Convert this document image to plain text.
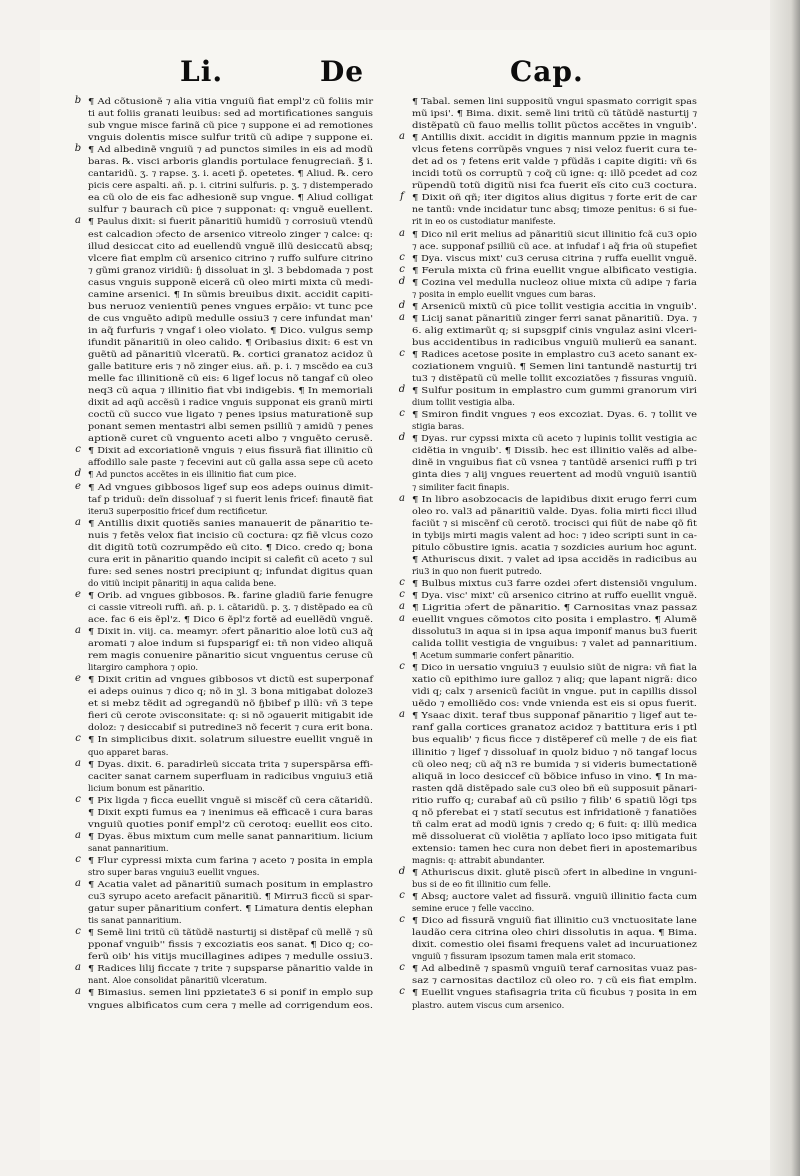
Li.	De	Cap.
b ¶ Ad cõtusionẽ ⁊ alia vitia vnguiũ fiat empl'z cũ foliis mir
ti aut foliis granati leuibus: sed ad mortificationes sanguis
sub vngue misce farinã cũ pice ⁊ suppone ei ad remotiones
vnguis dolentis misce sulfur tritũ cũ adipe ⁊ suppone ei.
b ¶ Ad albedinẽ vnguiũ ⁊ ad punctos similes in eis ad modũ
baras. ℞. visci arboris glandis portulace fenugreciañ. ℥ i.
cantaridũ. ʒ. ⁊ rapse. ʒ. i. aceti p̃. opetetes. ¶ Aliud. ℞. cero
picis cere aspalti. añ. p. i. citrini sulfuris. p. ʒ. ⁊ distemperado
ea cũ olo de eis fac adhesionẽ sup vngue. ¶ Aliud colligat
sulfur ⁊ baurach cũ pice ⁊ supponat: q: vnguẽ euellent.
a ¶ Paulus dixit: si fuerit pãnaritiũ humidũ ⁊ corrosiuũ vtendũ
est calcadion ɔfecto de arsenico vitreolo zinger ⁊ calce: q:
illud desiccat cito ad euellendũ vnguẽ illũ desiccatũ absq;
vlcere fiat emplm cũ arsenico citrino ⁊ ruffo sulfure citrino
⁊ gũmi granoz viridiũ: ɧ dissoluat in ʒl. 3 bebdomada ⁊ post
casus vnguis supponẽ eicerã cũ oleo mirti mixta cũ medi-
camine arsenici. ¶ In sũmis breuibus dixit. accidit capiti-
bus neruoz venientiũ penes vngues erpãio: vt tunc pce
de cus vnguẽto adipũ medulle ossiu3 ⁊ cere infundat man'
in aq̃ furfuris ⁊ vngaf i oleo violato. ¶ Dico. vulgus semp
ifundit pãnaritiũ in oleo calido. ¶ Oribasius dixit: 6 est vn
guẽtũ ad pãnaritiũ vlceratũ. ℞. cortici granatoz acidoz ũ
galle batiture eris ⁊ nõ zinger eius. añ. p. i. ⁊ mscẽdo ea cu3
melle fac illinitionẽ cũ eis: 6 ligef locus nõ tangaf cũ oleo
neq3 cũ aqua ⁊ illinitio fiat vbi indigebis. ¶ In memoriali
dixit ad aqũ accẽsũ i radice vnguis supponat eis granũ mirti
coctũ cũ succo vue ligato ⁊ penes ipsius maturationẽ sup
ponant semen mentastri albi semen psilliũ ⁊ amidũ ⁊ penes
aptionẽ curet cũ vnguento aceti albo ⁊ vnguẽto cerusẽ.
c ¶ Dixit ad excoriationẽ vnguis ⁊ eius fissurã fiat illinitio cũ
affodillo sale paste ⁊ fecevini aut cũ galla assa sepe cũ aceto
d ¶ Ad punctos accẽtes in eis illinitio fiat cum pice.
e ¶ Ad vngues gibbosos ligef sup eos adeps ouinus dimit-
taf p triduũ: deĩn dissoluaf ⁊ si fuerit lenis fricef: finautẽ fiat
iteru3 superpositio fricef dum rectificetur.
a ¶ Antillis dixit quotiẽs sanies manauerit de pãnaritio te-
nuis ⁊ fetẽs velox fiat incisio cũ coctura: qz fiẽ vlcus cozo
dit digitũ totũ cozrumpẽdo eũ cito. ¶ Dico. credo q; bona
cura erit in pãnaritio quando incipit si calefit cũ aceto ⁊ sul
fure: sed senes nostri precipiunt q; infundat digitus quan
do vitiũ incipit pãnaritij in aqua calida bene.
e ¶ Orib. ad vngues gibbosos. ℞. farine gladiũ farie fenugre
ci cassie vitreoli ruffi. añ. p. i. cãtaridũ. p. ʒ. ⁊ distẽpado ea cũ
ace. fac 6 eis ẽpl'z. ¶ Dico 6 ẽpl'z fortẽ ad euellẽdũ vnguẽ.
a ¶ Dixit in. viij. ca. meamyr. ɔfert pãnaritio aloe lotũ cu3 aq̃
aromati ⁊ aloe indum si fupsparigf ei: tñ non video aliquã
rem magis conuenire pãnaritio sicut vnguentus ceruse cũ
litargiro camphora ⁊ opio.
e ¶ Dixit critin ad vngues gibbosos vt dictũ est superponaf
ei adeps ouinus ⁊ dico q; nõ in ʒl. 3 bona mitigabat doloze3
et si mebz tẽdit ad ɔgregandũ nõ ɧbibef p illũ: vñ 3 tepe
fieri cũ cerote ɔvisconsitate: q: si nõ ɔgauerit mitigabit ide
doloz: ⁊ desiccabif si putredine3 nõ fecerit ⁊ cura erit bona.
c ¶ In simplicibus dixit. solatrum siluestre euellit vnguẽ in
quo apparet baras.
a ¶ Dyas. dixit. 6. paradirleũ siccata trita ⁊ superspãrsa effi-
caciter sanat carnem superfluam in radicibus vnguiu3 etiã
licium bonum est pãnaritio.
c ¶ Pix ligda ⁊ ficca euellit vnguẽ si miscẽf cũ cera cãtaridũ.
¶ Dixit expti fumus ea ⁊ inenimus eã efficacẽ i cura baras
vnguiũ quoties ponif empl'z cũ cerotoq: euellit eos cito.
a ¶ Dyas. ẽbus mixtum cum melle sanat pannaritium. licium
sanat pannaritium.
c ¶ Flur cypressi mixta cum farina ⁊ aceto ⁊ posita in empla
stro super baras vnguiu3 euellit vngues.
a ¶ Acatia valet ad pãnaritiũ sumach positum in emplastro
cu3 syrupo aceto arefacit pãnaritiũ. ¶ Mirru3 ficcũ si spar-
gatur super pãnaritium confert. ¶ Limatura dentis elephan
tis sanat pannaritium.
c ¶ Semẽ lini tritũ cũ tãtũdẽ nasturtij si distẽpaf cũ mellẽ ⁊ sũ
pponaf vnguib'' fissis ⁊ excoziatis eos sanat. ¶ Dico q; co-
ferũ oib' his vitijs mucillagines adipes ⁊ medulle ossiu3.
a ¶ Radices lilij ficcate ⁊ trite ⁊ supsparse pãnaritio valde in
nant. Aloe consolidat pãnaritiũ vlceratum.
a ¶ Bimasius. semen lini ppzietate3 6 si ponif in emplo sup
vngues albificatos cum cera ⁊ melle ad corrigendum eos.
¶ Tabal. semen lini suppositũ vngui spasmato corrigit spas
mũ ipsi'. ¶ Bima. dixit. semẽ lini tritũ cũ tãtũdẽ nasturtij ⁊
distẽpatũ cũ fauo mellis tollit pũctos accẽtes in vnguib'.
a ¶ Antillis dixit. accidit in digitis mannum ppzie in magnis
vlcus fetens corrũpẽs vngues ⁊ nisi veloz fuerit cura te-
det ad os ⁊ fetens erit valde ⁊ pfũdãs i capite digiti: vñ 6s
incidi totũ os corruptũ ⁊ coq̃ cũ igne: q: illõ pcedet ad coz
rũpendũ totũ digitũ nisi fca fuerit eĩs cito cu3 coctura.
f ¶ Dixit oñ qñ; iter digitos alius digitus ⁊ forte erit de car
ne tantũ: vnde incidatur tunc absq; timoze penitus: 6 si fue-
rit in eo os custodiatur manifeste.
a ¶ Dico nil erit melius ad pãnaritiũ sicut illinitio fcã cu3 opio
⁊ ace. supponaf psilliũ cũ ace. at infudaf i aq̃ fria oũ stupefiet
c ¶ Dya. viscus mixt' cu3 cerusa citrina ⁊ ruffa euellit vnguẽ.
c ¶ Ferula mixta cũ frina euellit vngue albificato vestigia.
d ¶ Cozina vel medulla nucleoz oliue mixta cũ adipe ⁊ faria
⁊ posita in emplo euellit vngues cum baras.
d ¶ Arsenicũ mixtũ cũ pice tollit vestigia accitia in vnguib'.
a ¶ Licij sanat pãnaritiũ zinger ferri sanat pãnaritiũ. Dya. ⁊
6. alig extimarũt q; si supsgpif cinis vngulaz asini vlceri-
bus accidentibus in radicibus vnguiũ mulierũ ea sanant.
c ¶ Radices acetose posite in emplastro cu3 aceto sanant ex-
coziationem vnguiũ. ¶ Semen lini tantundẽ nasturtij tri
tu3 ⁊ distẽpatũ cũ melle tollit excoziatões ⁊ fissuras vnguiũ.
d ¶ Sulfur positum in emplastro cum gummi granorum viri
dium tollit vestigia alba.
c ¶ Smiron findit vngues ⁊ eos excoziat. Dyas. 6. ⁊ tollit ve
stigia baras.
d ¶ Dyas. rur cypssi mixta cũ aceto ⁊ lupinis tollit vestigia ac
cidẽtia in vnguib'. ¶ Dissib. hec est illinitio valẽs ad albe-
dinẽ in vnguibus fiat cũ vsnea ⁊ tantũdẽ arsenici ruffi p tri
ginta dies ⁊ alij vngues reuertent ad modũ vnguiũ isantiũ
⁊ similiter facit finapis.
a ¶ In libro asobzocacis de lapidibus dixit erugo ferri cum
oleo ro. val3 ad pãnaritiũ valde. Dyas. folia mirti ficci illud
faciũt ⁊ si miscẽnf cũ cerotõ. trocisci qui fiũt de nabe qõ fit
in tybijs mirti magis valent ad hoc: ⁊ ideo scripti sunt in ca-
pitulo cõbustire ignis. acatia ⁊ sozdicies aurium hoc agunt.
¶ Athuriscus dixit. ⁊ valet ad ipsa accidẽs in radicibus au
riu3 in quo non fuerit putredo.
c ¶ Bulbus mixtus cu3 farre ozdei ɔfert distensiõi vngulum.
c ¶ Dya. visc' mixt' cũ arsenico citrino at ruffo euellit vnguẽ.
a ¶ Ligritia ɔfert de pãnaritio. ¶ Carnositas vnaz passaz
a euellit vngues cõmotos cito posita i emplastro. ¶ Alumẽ
dissolutu3 in aqua si in ipsa aqua imponif manus bu3 fuerit
calida tollit vestigia de vnguibus: ⁊ valet ad pannaritium.
¶ Acetum summarie confert pãnaritio.
c ¶ Dico in uersatio vnguiu3 ⁊ euulsio siũt de nigra: vñ fiat la
xatio cũ epithimo iure galloz ⁊ aliq; que lapant nigrã: dico
vidi q; calx ⁊ arsenicũ faciũt in vngue. put in capillis dissol
uẽdo ⁊ emolliẽdo cos: vnde vnienda est eis si opus fuerit.
a ¶ Ysaac dixit. teraf tbus supponaf pãnaritio ⁊ ligef aut te-
ranf galla cortices granatoz acidoz ⁊ battitura eris i ptl
bus equalib' ⁊ ficus ficce ⁊ distẽperef cũ melle ⁊ de eis fiat
illinitio ⁊ ligef ⁊ dissoluaf in quolz biduo ⁊ nõ tangaf locus
cũ oleo neq; cũ aq̃ n3 re bumida ⁊ si videris bumectationẽ
aliquã in loco desiccef cũ bõbice infuso in vino. ¶ In ma-
rasten qdã distẽpado sale cu3 oleo bñ eũ supposuit pãnari-
ritio ruffo q; curabaf aũ cũ psilio ⁊ filib' 6 spatiũ lõgi tps
q nõ pferebat ei ⁊ statĩ secutus est infridationẽ ⁊ fanatiões
tñ calm erat ad modũ ignis ⁊ credo q; 6 fuit: q: illũ medica
mẽ dissoluerat cũ violẽtia ⁊ aplĩato loco ipso mitigata fuit
extensio: tamen hec cura non debet fieri in apostemaribus
magnis: q: attrabit abundanter.
d ¶ Athuriscus dixit. glutẽ piscũ ɔfert in albedine in vnguni-
bus si de eo fit illinitio cum felle.
c ¶ Absq; auctore valet ad fissurã. vnguiũ illinitio facta cum
semine eruce ⁊ felle vaccino.
c ¶ Dico ad fissurã vnguiũ fiat illinitio cu3 vnctuositate lane
laudão cera citrina oleo chiri dissolutis in aqua. ¶ Bima.
dixit. comestio olei fisami frequens valet ad incuruationez
vnguiũ ⁊ fissuram ipsozum tamen mala erit stomaco.
c ¶ Ad albedinẽ ⁊ spasmũ vnguiũ teraf carnositas vuaz pas-
saz ⁊ carnositas dactiloz cũ oleo ro. ⁊ cũ eis fiat emplm.
c ¶ Euellit vngues stafisagria trita cũ ficubus ⁊ posita in em
plastro. autem viscus cum arsenico.
